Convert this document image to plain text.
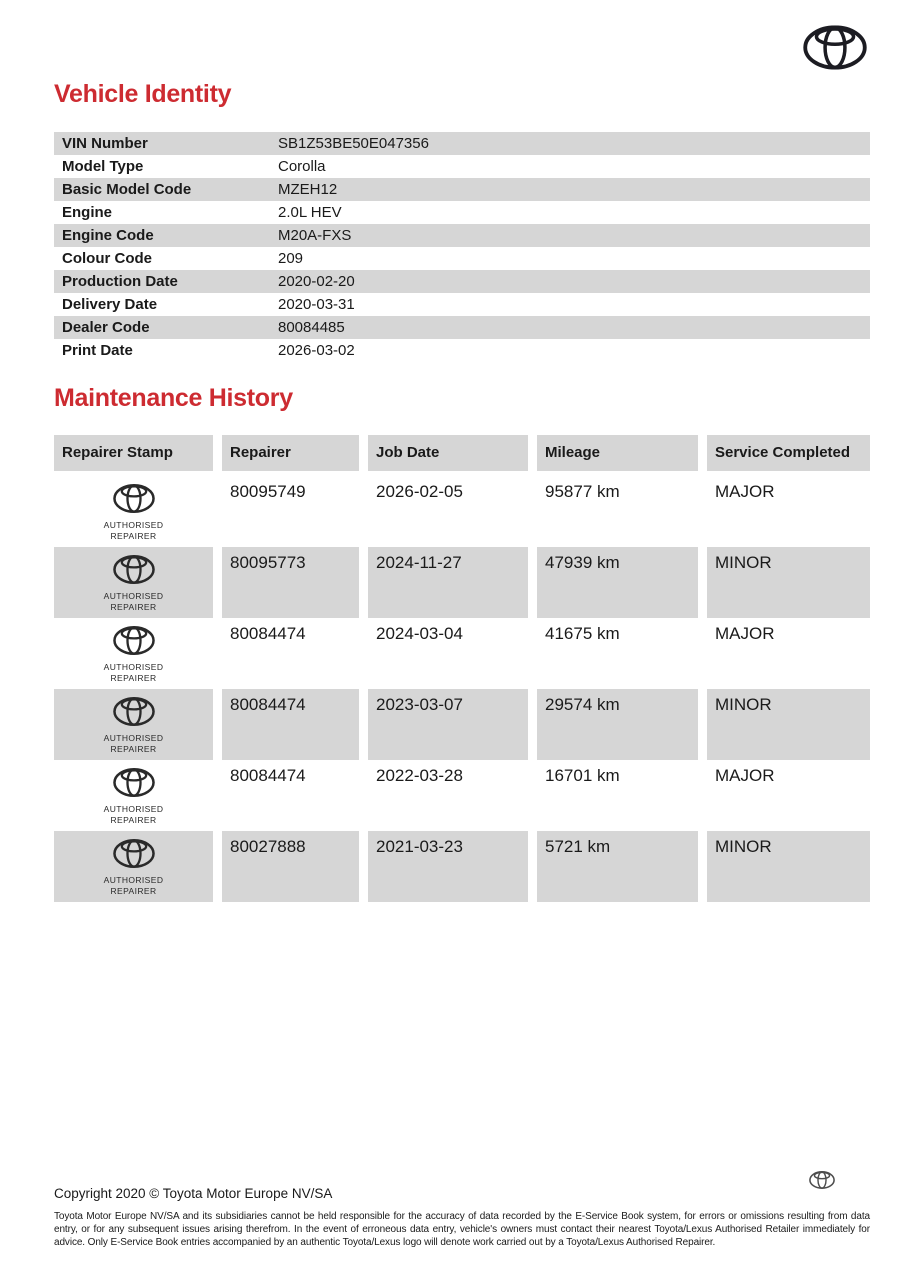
Vehicle Identity
VIN Number	SB1Z53BE50E047356
Model Type	Corolla
Basic Model Code	MZEH12
Engine	2.0L HEV
Engine Code	M20A-FXS
Colour Code	209
Production Date	2020-02-20
Delivery Date	2020-03-31
Dealer Code	80084485
Print Date	2026-03-02
Maintenance History
Repairer Stamp	Repairer	Job Date	Mileage	Service Completed
AUTHORISED
REPAIRER
80095749	2026-02-05	95877 km	MAJOR
AUTHORISED
REPAIRER
80095773	2024-11-27	47939 km	MINOR
AUTHORISED
REPAIRER
80084474	2024-03-04	41675 km	MAJOR
AUTHORISED
REPAIRER
80084474	2023-03-07	29574 km	MINOR
AUTHORISED
REPAIRER
80084474	2022-03-28	16701 km	MAJOR
AUTHORISED
REPAIRER
80027888	2021-03-23	5721 km	MINOR
Copyright 2020 © Toyota Motor Europe NV/SA
Toyota Motor Europe NV/SA and its subsidiaries cannot be held responsible for the accuracy of data recorded by the E-Service Book system, for errors or omissions resulting from data entry, or for any subsequent issues arising therefrom. In the event of erroneous data entry, vehicle's owners must contact their nearest Toyota/Lexus Authorised Retailer immediately for advice. Only E-Service Book entries accompanied by an authentic Toyota/Lexus logo will denote work carried out by a Toyota/Lexus Authorised Repairer.
